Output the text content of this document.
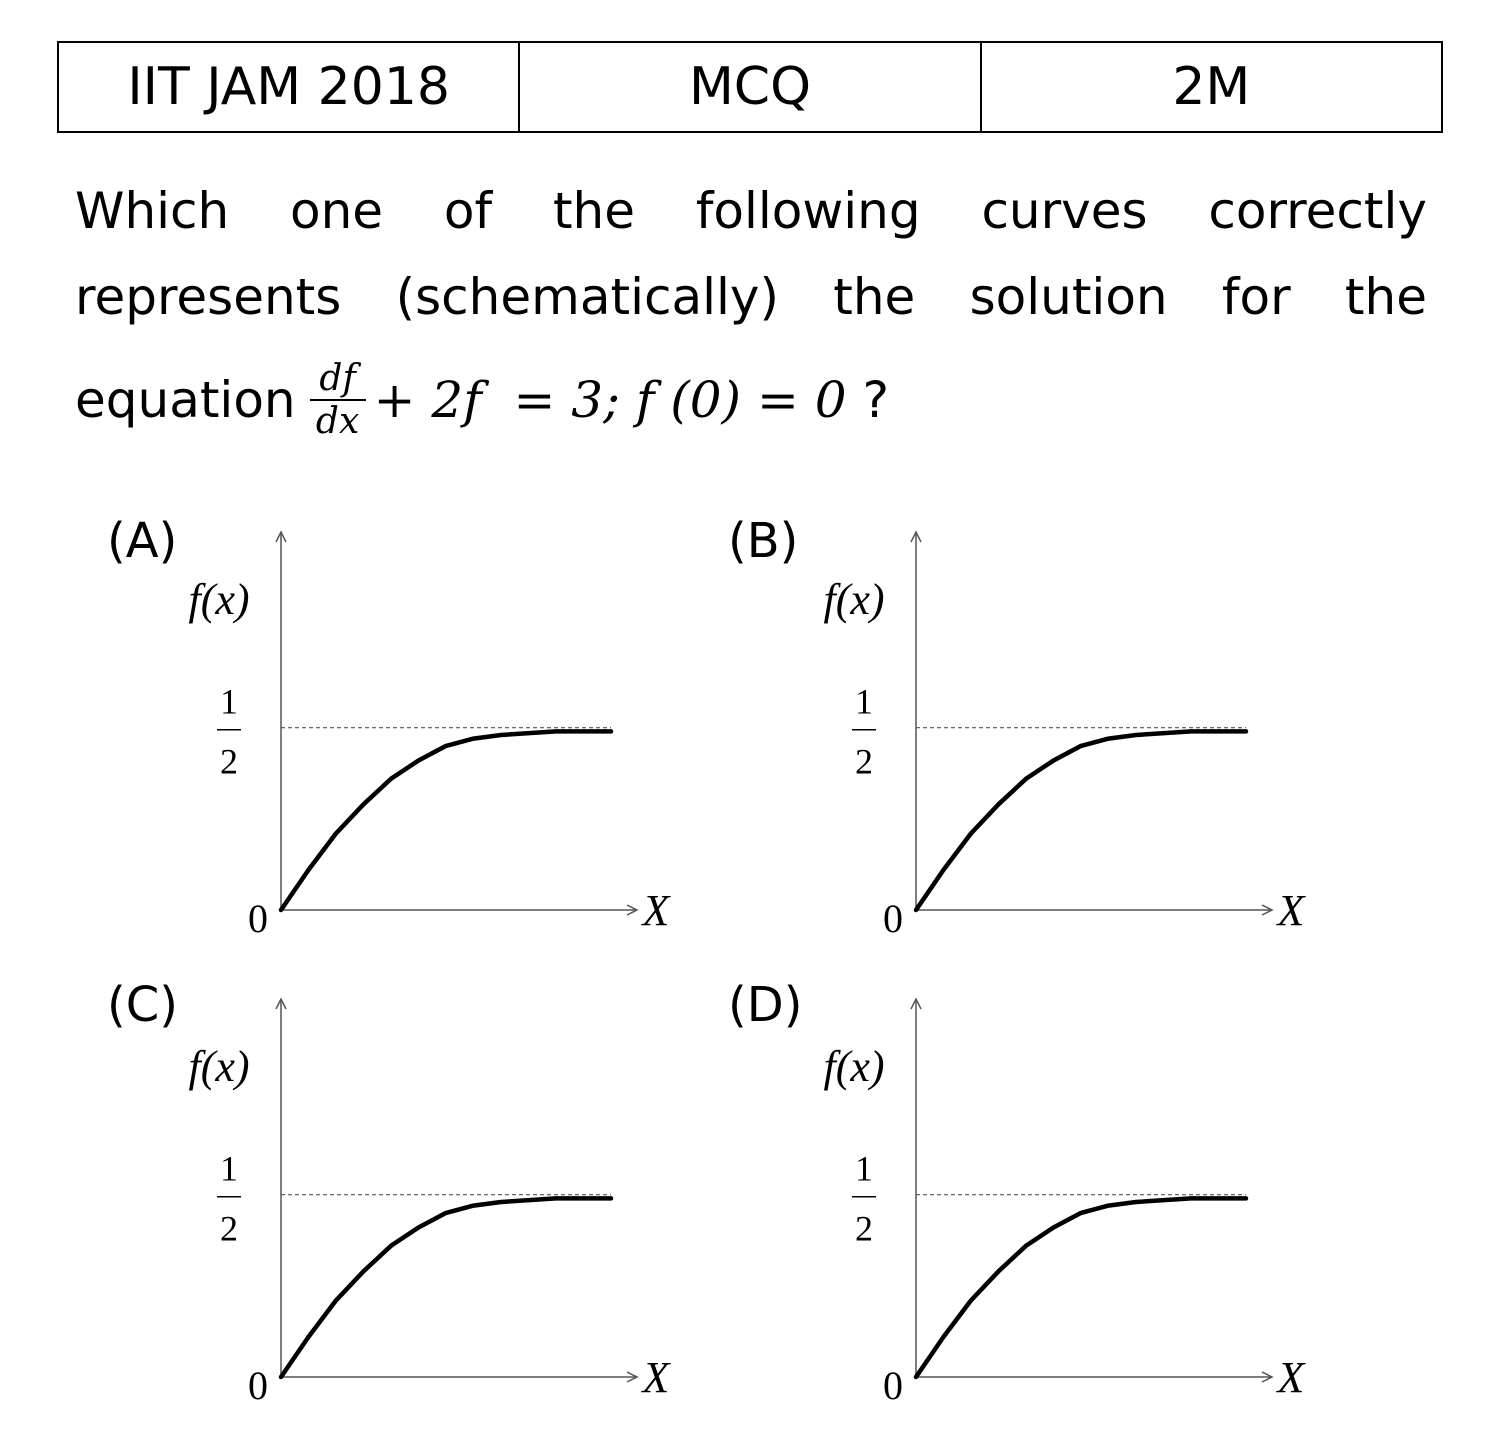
IIT JAM 2018	MCQ	2M
Which one of the following curves correctly
represents (schematically) the solution for the
equation $\frac{df}{dx} + 2f = 3$; f (0) = 0 ?
(A)	(B)
(C)	(D)
f(x)
X
0
1
2
f(x)
X
0
1
2
f(x)
X
0
1
2
f(x)
X
0
1
2
